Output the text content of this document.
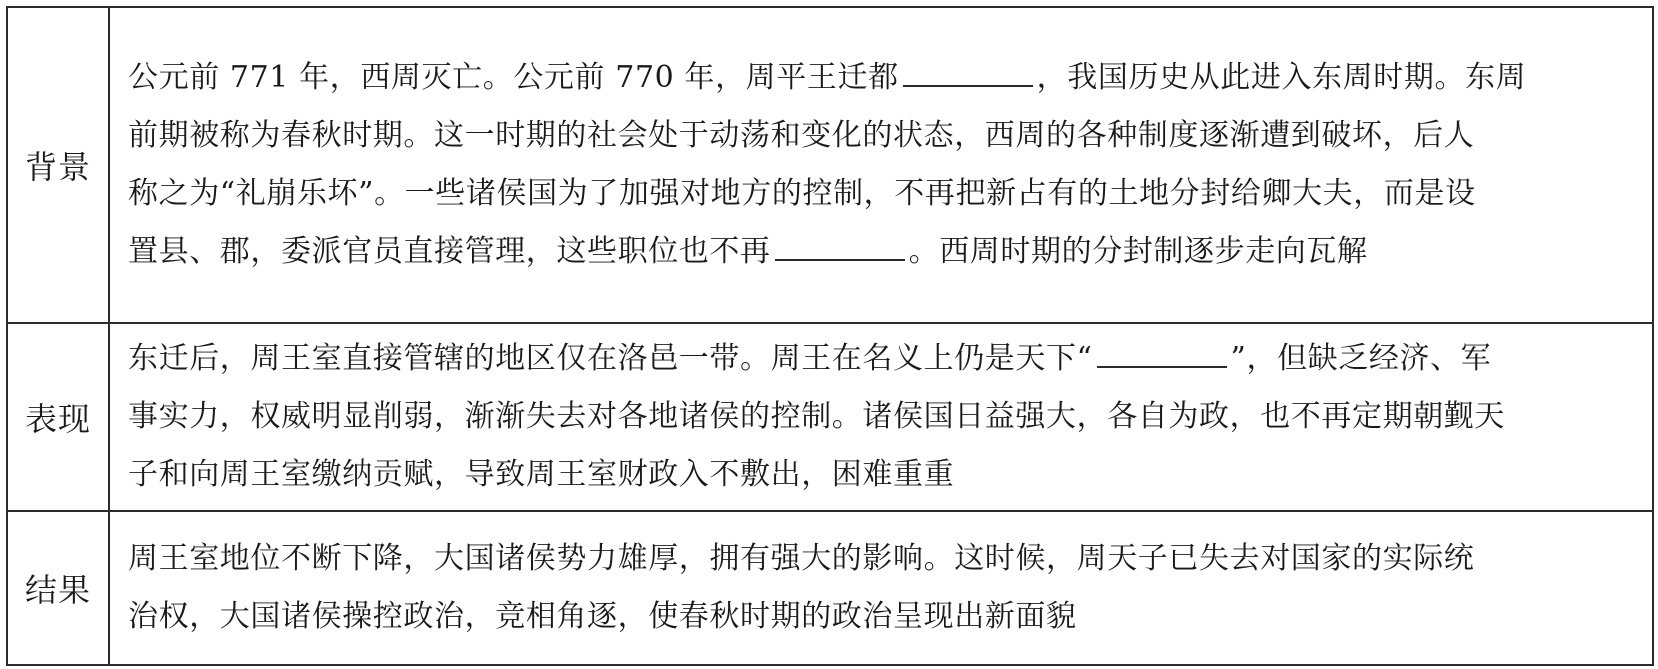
背景	公元前 771 年，西周灭亡。公元前 770 年，周平王迁都 ，我国历史从此进入东周时期。东周
前期被称为春秋时期。这一时期的社会处于动荡和变化的状态，西周的各种制度逐渐遭到破坏，后人
称之为“礼崩乐坏”。一些诸侯国为了加强对地方的控制，不再把新占有的土地分封给卿大夫，而是设
置县、郡，委派官员直接管理，这些职位也不再 。西周时期的分封制逐步走向瓦解

表现	东迁后，周王室直接管辖的地区仅在洛邑一带。周王在名义上仍是天下“ ”，但缺乏经济、军
事实力，权威明显削弱，渐渐失去对各地诸侯的控制。诸侯国日益强大，各自为政，也不再定期朝觐天
子和向周王室缴纳贡赋，导致周王室财政入不敷出，困难重重

结果	周王室地位不断下降，大国诸侯势力雄厚，拥有强大的影响。这时候，周天子已失去对国家的实际统
治权，大国诸侯操控政治，竞相角逐，使春秋时期的政治呈现出新面貌
